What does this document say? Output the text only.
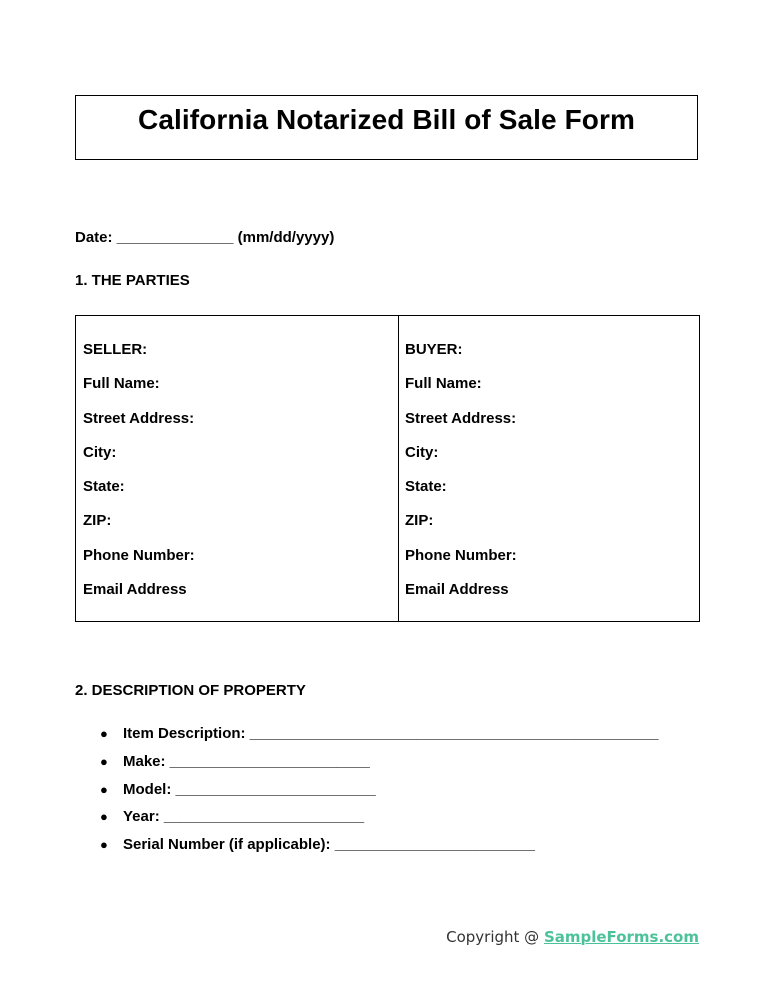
California Notarized Bill of Sale Form
Date: ______________ (mm/dd/yyyy)
1. THE PARTIES
SELLER:
Full Name:
Street Address:
City:
State:
ZIP:
Phone Number:
Email Address
BUYER:
Full Name:
Street Address:
City:
State:
ZIP:
Phone Number:
Email Address
2. DESCRIPTION OF PROPERTY
●	Item Description: _________________________________________________
●	Make: ________________________
●	Model: ________________________
●	Year: ________________________
●	Serial Number (if applicable): ________________________
Copyright @ SampleForms.com
